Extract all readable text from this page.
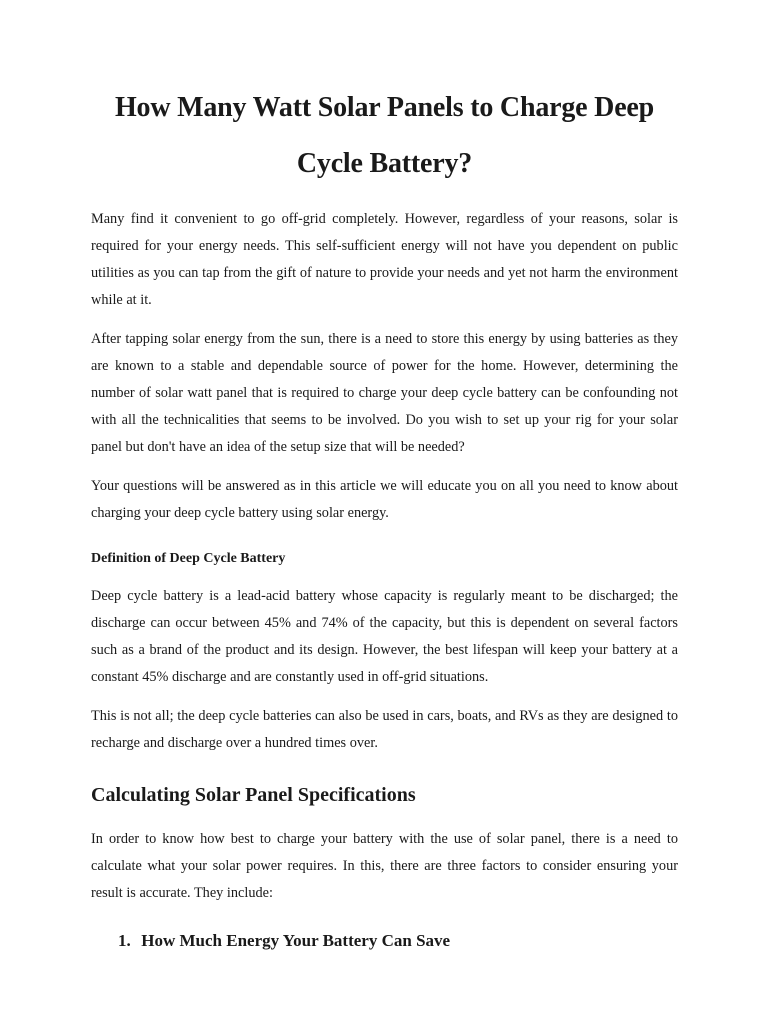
How Many Watt Solar Panels to Charge Deep Cycle Battery?

Many find it convenient to go off-grid completely. However, regardless of your reasons, solar is required for your energy needs. This self-sufficient energy will not have you dependent on public utilities as you can tap from the gift of nature to provide your needs and yet not harm the environment while at it.

After tapping solar energy from the sun, there is a need to store this energy by using batteries as they are known to a stable and dependable source of power for the home. However, determining the number of solar watt panel that is required to charge your deep cycle battery can be confounding not with all the technicalities that seems to be involved. Do you wish to set up your rig for your solar panel but don't have an idea of the setup size that will be needed?

Your questions will be answered as in this article we will educate you on all you need to know about charging your deep cycle battery using solar energy.

Definition of Deep Cycle Battery

Deep cycle battery is a lead-acid battery whose capacity is regularly meant to be discharged; the discharge can occur between 45% and 74% of the capacity, but this is dependent on several factors such as a brand of the product and its design. However, the best lifespan will keep your battery at a constant 45% discharge and are constantly used in off-grid situations.

This is not all; the deep cycle batteries can also be used in cars, boats, and RVs as they are designed to recharge and discharge over a hundred times over.

Calculating Solar Panel Specifications

In order to know how best to charge your battery with the use of solar panel, there is a need to calculate what your solar power requires. In this, there are three factors to consider ensuring your result is accurate. They include:

1. How Much Energy Your Battery Can Save
